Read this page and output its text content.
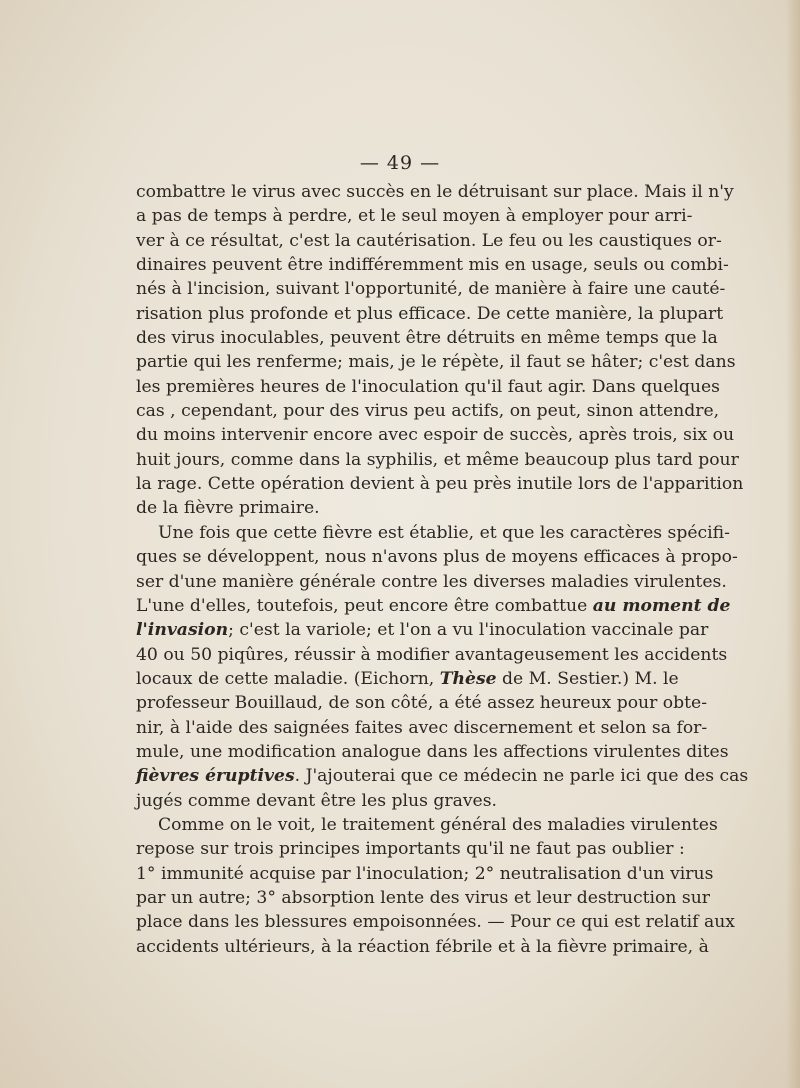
— 49 —
combattre le virus avec succès en le détruisant sur place. Mais il n'y
a pas de temps à perdre, et le seul moyen à employer pour arri-
ver à ce résultat, c'est la cautérisation. Le feu ou les caustiques or-
dinaires peuvent être indifféremment mis en usage, seuls ou combi-
nés à l'incision, suivant l'opportunité, de manière à faire une cauté-
risation plus profonde et plus efficace. De cette manière, la plupart
des virus inoculables, peuvent être détruits en même temps que la
partie qui les renferme; mais, je le répète, il faut se hâter; c'est dans
les premières heures de l'inoculation qu'il faut agir. Dans quelques
cas , cependant, pour des virus peu actifs, on peut, sinon attendre,
du moins intervenir encore avec espoir de succès, après trois, six ou
huit jours, comme dans la syphilis, et même beaucoup plus tard pour
la rage. Cette opération devient à peu près inutile lors de l'apparition
de la fièvre primaire.
Une fois que cette fièvre est établie, et que les caractères spécifi-
ques se développent, nous n'avons plus de moyens efficaces à propo-
ser d'une manière générale contre les diverses maladies virulentes.
L'une d'elles, toutefois, peut encore être combattue au moment de
l'invasion; c'est la variole; et l'on a vu l'inoculation vaccinale par
40 ou 50 piqûres, réussir à modifier avantageusement les accidents
locaux de cette maladie. (Eichorn, Thèse de M. Sestier.) M. le
professeur Bouillaud, de son côté, a été assez heureux pour obte-
nir, à l'aide des saignées faites avec discernement et selon sa for-
mule, une modification analogue dans les affections virulentes dites
fièvres éruptives. J'ajouterai que ce médecin ne parle ici que des cas
jugés comme devant être les plus graves.
Comme on le voit, le traitement général des maladies virulentes
repose sur trois principes importants qu'il ne faut pas oublier :
1° immunité acquise par l'inoculation; 2° neutralisation d'un virus
par un autre; 3° absorption lente des virus et leur destruction sur
place dans les blessures empoisonnées. — Pour ce qui est relatif aux
accidents ultérieurs, à la réaction fébrile et à la fièvre primaire, à
